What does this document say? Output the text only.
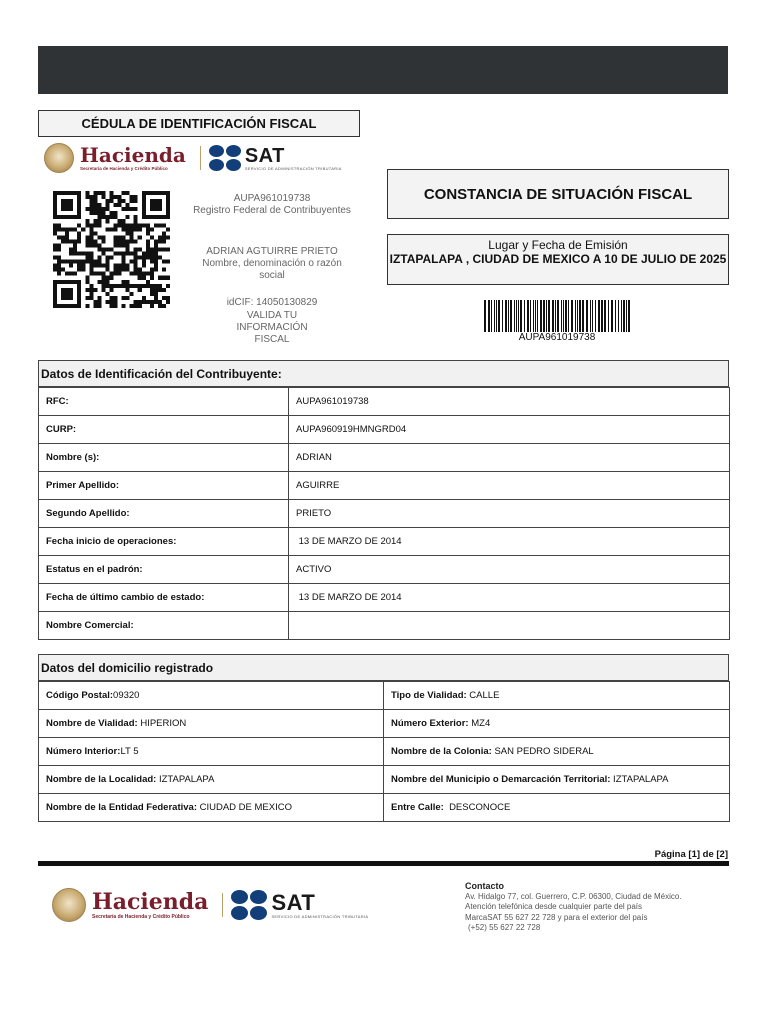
CÉDULA DE IDENTIFICACIÓN FISCAL
Hacienda
Secretaría de Hacienda y Crédito Público
SAT
SERVICIO DE ADMINISTRACIÓN TRIBUTARIA
AUPA961019738
Registro Federal de Contribuyentes
ADRIAN AGTUIRRE PRIETO
Nombre, denominación o razón social
idCIF: 14050130829
VALIDA TU INFORMACIÓN FISCAL
CONSTANCIA DE SITUACIÓN FISCAL
Lugar y Fecha de Emisión
IZTAPALAPA , CIUDAD DE MEXICO A 10 DE JULIO DE 2025
AUPA961019738
Datos de Identificación del Contribuyente:
RFC:	AUPA961019738
CURP:	AUPA960919HMNGRD04
Nombre (s):	ADRIAN
Primer Apellido:	AGUIRRE
Segundo Apellido:	PRIETO
Fecha inicio de operaciones:	13 DE MARZO DE 2014
Estatus en el padrón:	ACTIVO
Fecha de último cambio de estado:	13 DE MARZO DE 2014
Nombre Comercial:	
Datos del domicilio registrado
Código Postal:09320	Tipo de Vialidad: CALLE
Nombre de Vialidad: HIPERION	Número Exterior: MZ4
Número Interior:LT 5	Nombre de la Colonia: SAN PEDRO SIDERAL
Nombre de la Localidad: IZTAPALAPA	Nombre del Municipio o Demarcación Territorial: IZTAPALAPA
Nombre de la Entidad Federativa: CIUDAD DE MEXICO	Entre Calle:  DESCONOCE
Página [1] de [2]
Hacienda
Secretaría de Hacienda y Crédito Público
SAT
SERVICIO DE ADMINISTRACIÓN TRIBUTARIA
Contacto
Av. Hidalgo 77, col. Guerrero, C.P. 06300, Ciudad de México.
Atención telefónica desde cualquier parte del país
MarcaSAT 55 627 22 728 y para el exterior del país
(+52) 55 627 22 728
